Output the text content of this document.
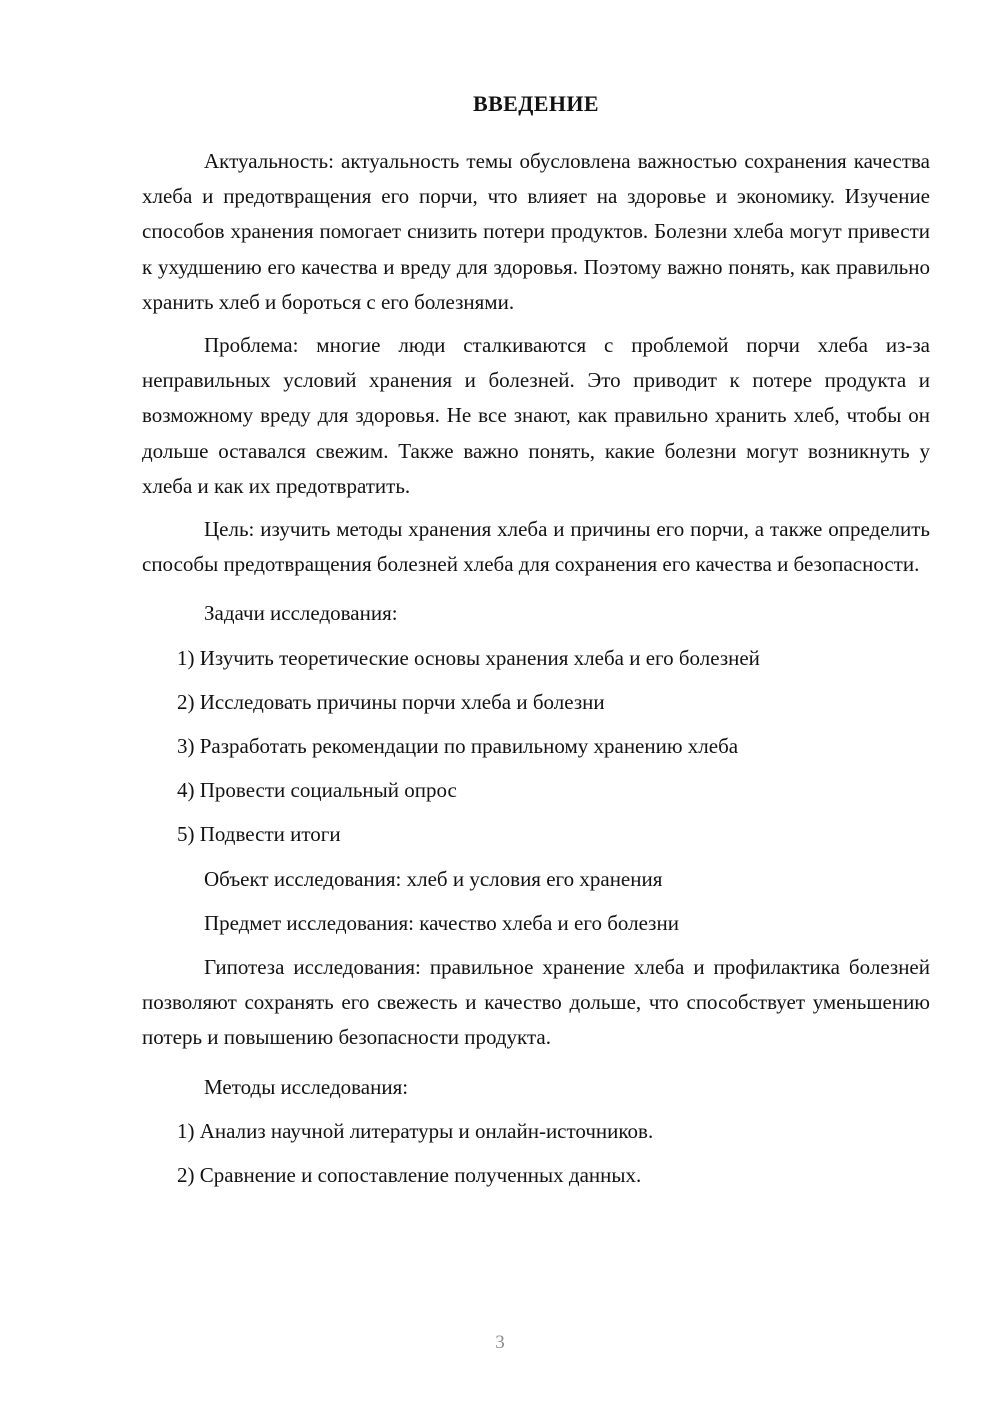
ВВЕДЕНИЕ

Актуальность: актуальность темы обусловлена важностью сохранения качества хлеба и предотвращения его порчи, что влияет на здоровье и экономику. Изучение способов хранения помогает снизить потери продуктов. Болезни хлеба могут привести к ухудшению его качества и вреду для здоровья. Поэтому важно понять, как правильно хранить хлеб и бороться с его болезнями.

Проблема: многие люди сталкиваются с проблемой порчи хлеба из-за неправильных условий хранения и болезней. Это приводит к потере продукта и возможному вреду для здоровья. Не все знают, как правильно хранить хлеб, чтобы он дольше оставался свежим. Также важно понять, какие болезни могут возникнуть у хлеба и как их предотвратить.

Цель: изучить методы хранения хлеба и причины его порчи, а также определить способы предотвращения болезней хлеба для сохранения его качества и безопасности.

Задачи исследования:

1) Изучить теоретические основы хранения хлеба и его болезней
2) Исследовать причины порчи хлеба и болезни
3) Разработать рекомендации по правильному хранению хлеба
4) Провести социальный опрос
5) Подвести итоги

Объект исследования: хлеб и условия его хранения

Предмет исследования: качество хлеба и его болезни

Гипотеза исследования: правильное хранение хлеба и профилактика болезней позволяют сохранять его свежесть и качество дольше, что способствует уменьшению потерь и повышению безопасности продукта.

Методы исследования:

1) Анализ научной литературы и онлайн-источников.
2) Сравнение и сопоставление полученных данных.
3
